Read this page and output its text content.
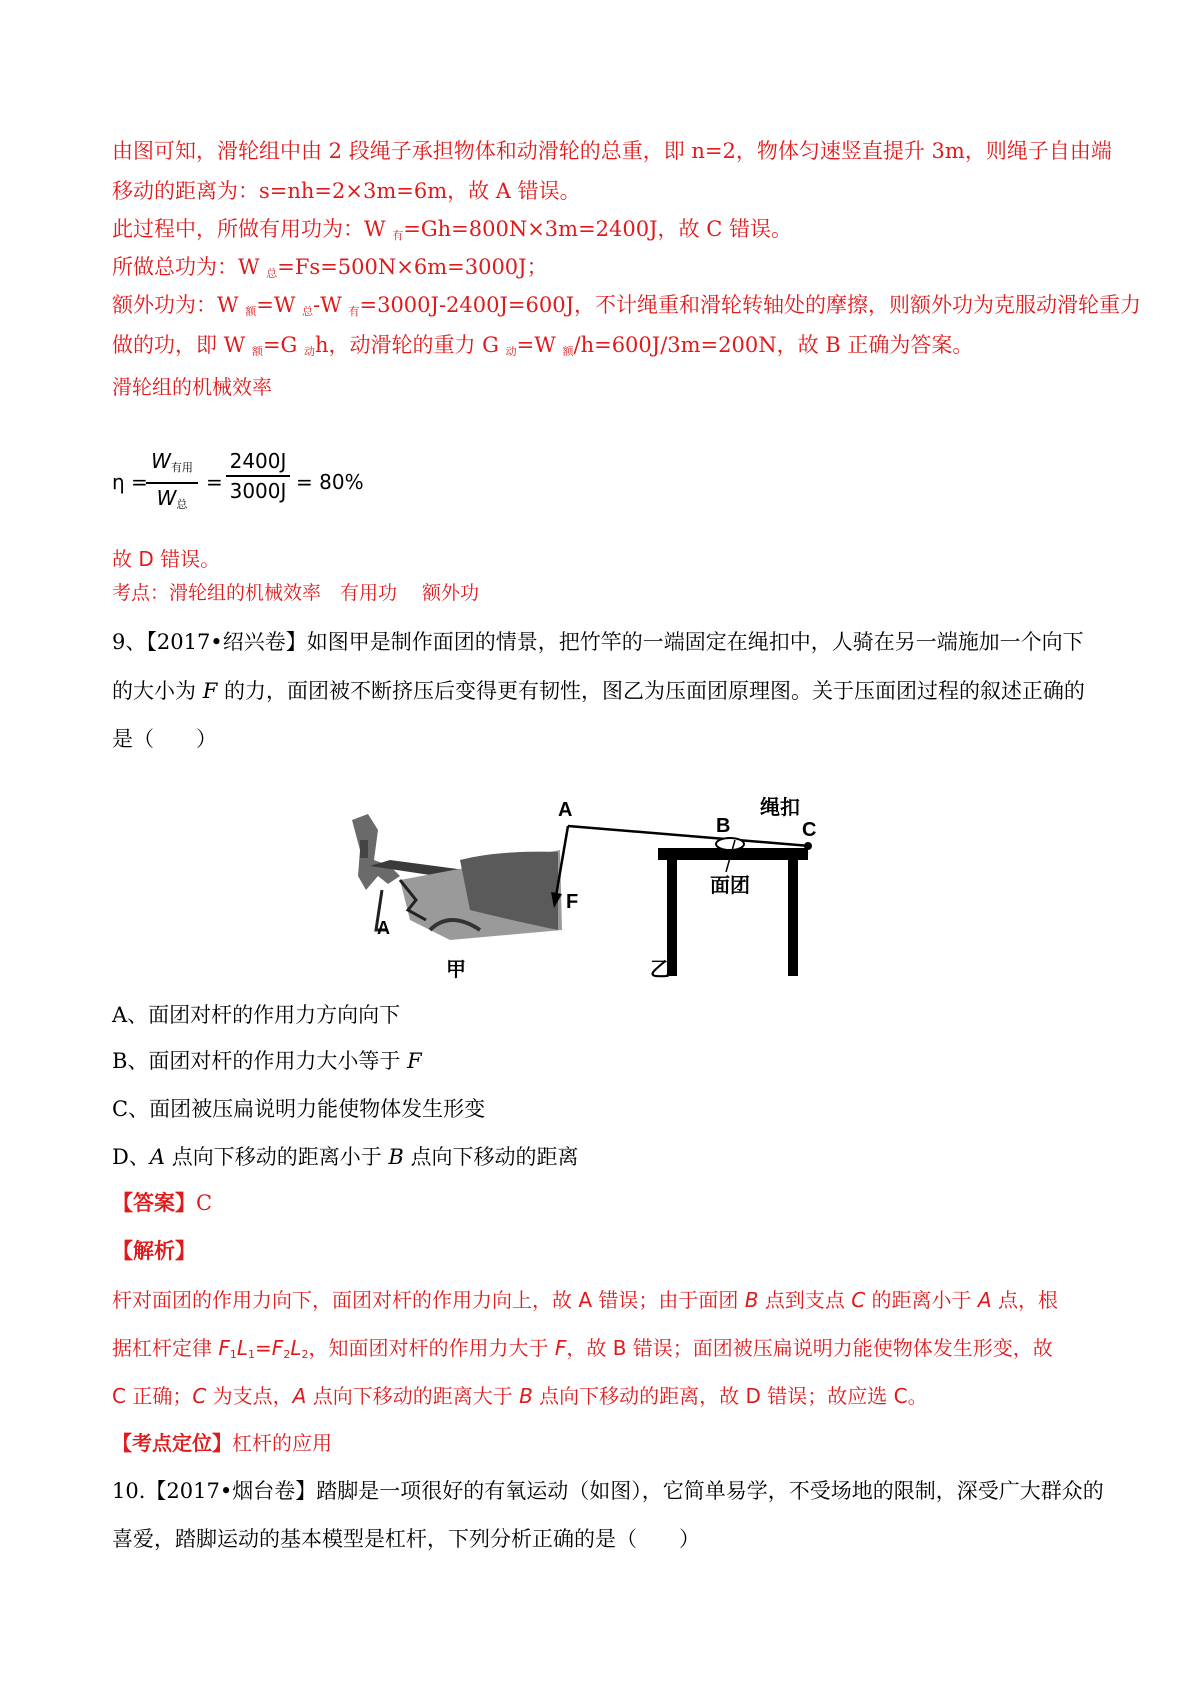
由图可知，滑轮组中由 2 段绳子承担物体和动滑轮的总重，即 n=2，物体匀速竖直提升 3m，则绳子自由端
移动的距离为：s=nh=2×3m=6m，故 A 错误。
此过程中，所做有用功为：W $_有$=Gh=800N×3m=2400J，故 C 错误。
所做总功为：W $_总$=Fs=500N×6m=3000J；
额外功为：W $_额$=W $_总$-W $_有$=3000J-2400J=600J，不计绳重和滑轮转轴处的摩擦，则额外功为克服动滑轮重力
做的功，即 W $_额$=G $_动$h，动滑轮的重力 G $_动$=W $_额$/h=600J/3m=200N，故 B 正确为答案。
滑轮组的机械效率
η =
$W_{有用}$
$W_总$
=
2400J
3000J = 80%
故 D 错误。
考点：滑轮组的机械效率　有用功　 额外功
9、【2017•绍兴卷】如图甲是制作面团的情景，把竹竿的一端固定在绳扣中，人骑在另一端施加一个向下
的大小为 F 的力，面团被不断挤压后变得更有韧性，图乙为压面团原理图。关于压面团过程的叙述正确的
是（　　）
A
甲
A
B	C
F
绳扣
面团
乙
A、面团对杆的作用力方向向下
B、面团对杆的作用力大小等于 F
C、面团被压扁说明力能使物体发生形变
D、A 点向下移动的距离小于 B 点向下移动的距离
【答案】C
【解析】
杆对面团的作用力向下，面团对杆的作用力向上，故 A 错误；由于面团 B 点到支点 C 的距离小于 A 点，根
据杠杆定律 $F_1L_1=F_2L_2$，知面团对杆的作用力大于 F，故 B 错误；面团被压扁说明力能使物体发生形变，故
C 正确；C 为支点，A 点向下移动的距离大于 B 点向下移动的距离，故 D 错误；故应选 C。
【考点定位】杠杆的应用
10.【2017•烟台卷】踏脚是一项很好的有氧运动（如图），它简单易学，不受场地的限制，深受广大群众的
喜爱，踏脚运动的基本模型是杠杆，下列分析正确的是（　　）
